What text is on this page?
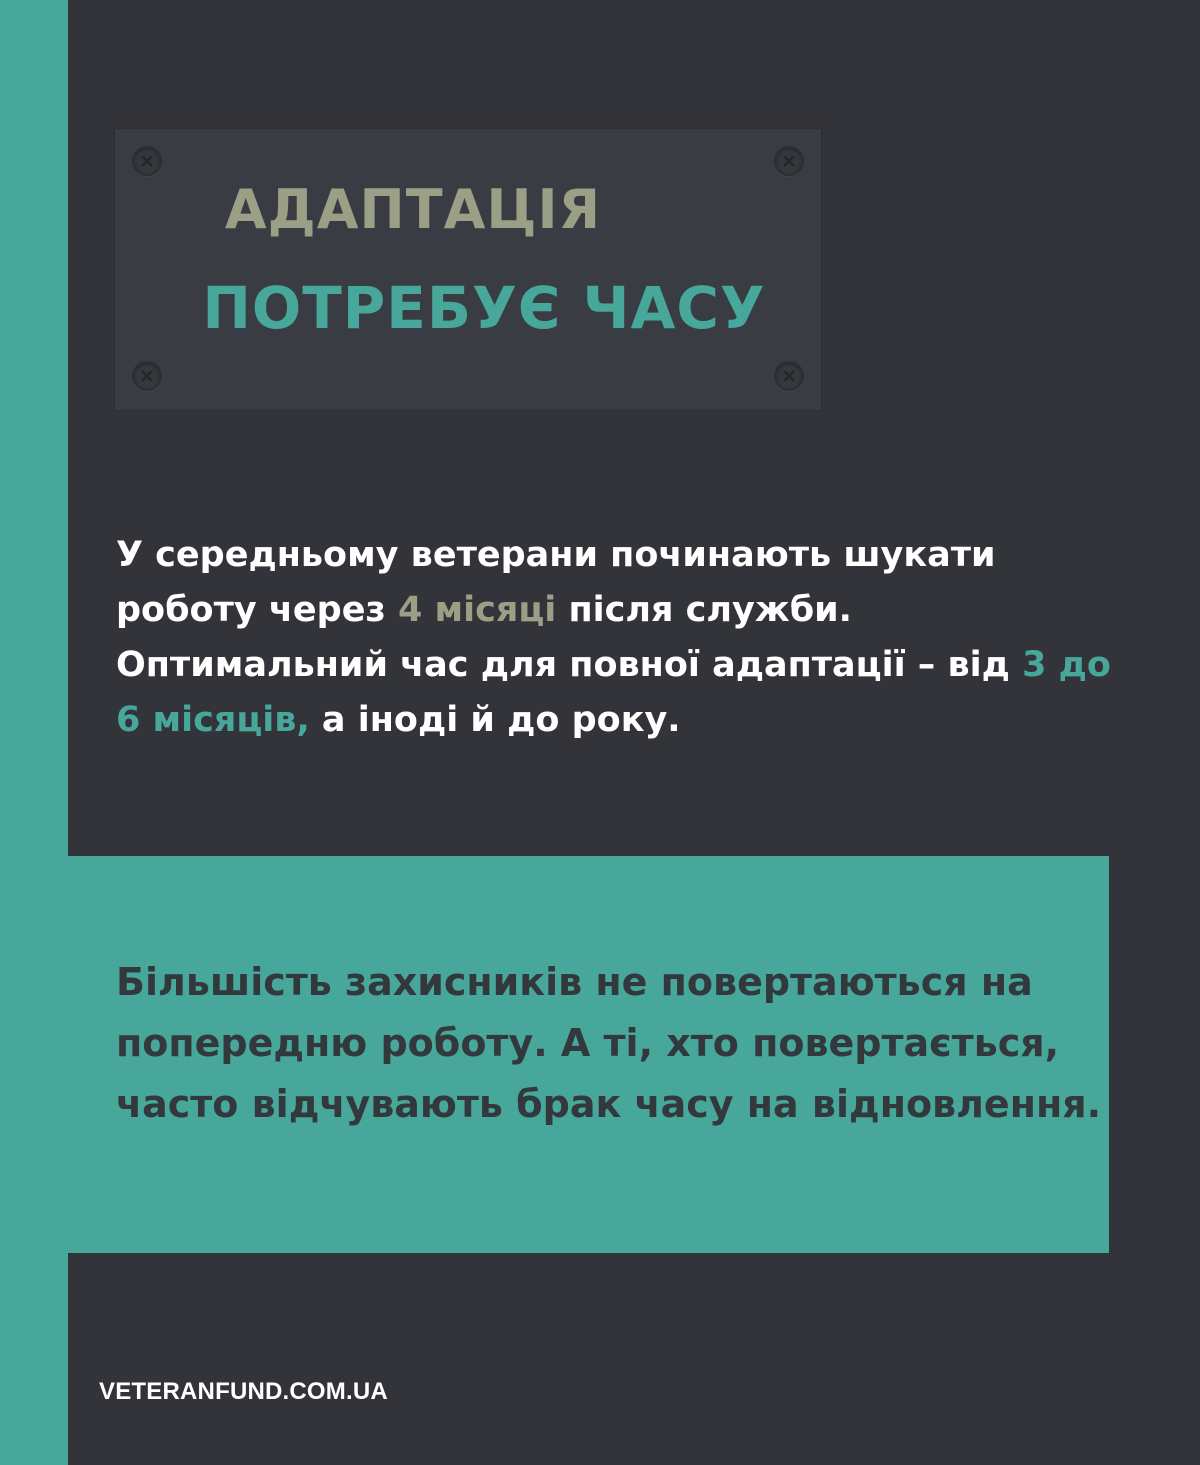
АДАПТАЦІЯ
ПОТРЕБУЄ ЧАСУ

У середньому ветерани починають шукати роботу через 4 місяці після служби. Оптимальний час для повної адаптації – від 3 до 6 місяців, а іноді й до року.

Більшість захисників не повертаються на попередню роботу. А ті, хто повертається, часто відчувають брак часу на відновлення.

VETERANFUND.COM.UA
